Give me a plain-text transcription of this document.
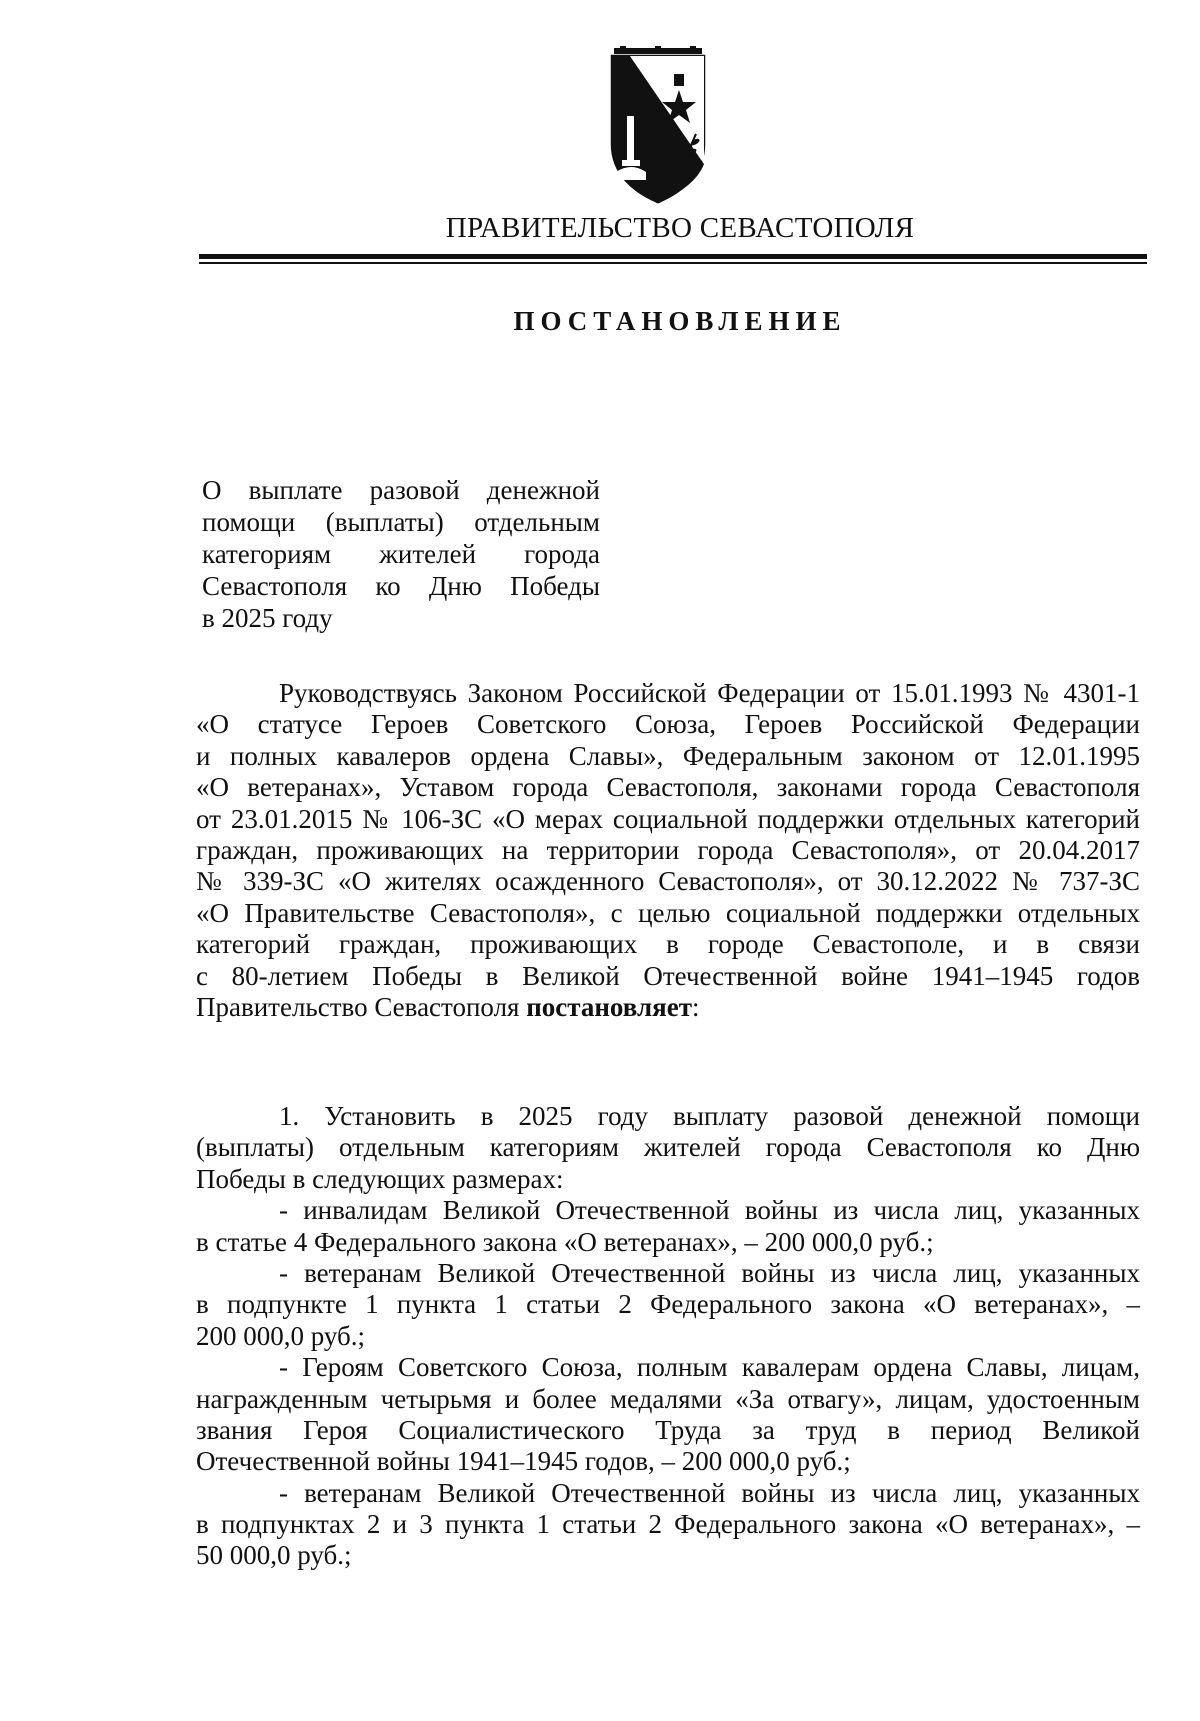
ПРАВИТЕЛЬСТВО СЕВАСТОПОЛЯ
ПОСТАНОВЛЕНИЕ
О выплате разовой денежной
помощи (выплаты) отдельным
категориям жителей города
Севастополя ко Дню Победы
в 2025 году
Руководствуясь Законом Российской Федерации от 15.01.1993 № 4301-1
«О статусе Героев Советского Союза, Героев Российской Федерации
и полных кавалеров ордена Славы», Федеральным законом от 12.01.1995
«О ветеранах», Уставом города Севастополя, законами города Севастополя
от 23.01.2015 № 106-ЗС «О мерах социальной поддержки отдельных категорий
граждан, проживающих на территории города Севастополя», от 20.04.2017
№ 339-ЗС «О жителях осажденного Севастополя», от 30.12.2022 № 737-ЗС
«О Правительстве Севастополя», с целью социальной поддержки отдельных
категорий граждан, проживающих в городе Севастополе, и в связи
с 80-летием Победы в Великой Отечественной войне 1941–1945 годов
Правительство Севастополя постановляет:
1. Установить в 2025 году выплату разовой денежной помощи
(выплаты) отдельным категориям жителей города Севастополя ко Дню
Победы в следующих размерах:
- инвалидам Великой Отечественной войны из числа лиц, указанных
в статье 4 Федерального закона «О ветеранах», – 200 000,0 руб.;
- ветеранам Великой Отечественной войны из числа лиц, указанных
в подпункте 1 пункта 1 статьи 2 Федерального закона «О ветеранах», –
200 000,0 руб.;
- Героям Советского Союза, полным кавалерам ордена Славы, лицам,
награжденным четырьмя и более медалями «За отвагу», лицам, удостоенным
звания Героя Социалистического Труда за труд в период Великой
Отечественной войны 1941–1945 годов, – 200 000,0 руб.;
- ветеранам Великой Отечественной войны из числа лиц, указанных
в подпунктах 2 и 3 пункта 1 статьи 2 Федерального закона «О ветеранах», –
50 000,0 руб.;
